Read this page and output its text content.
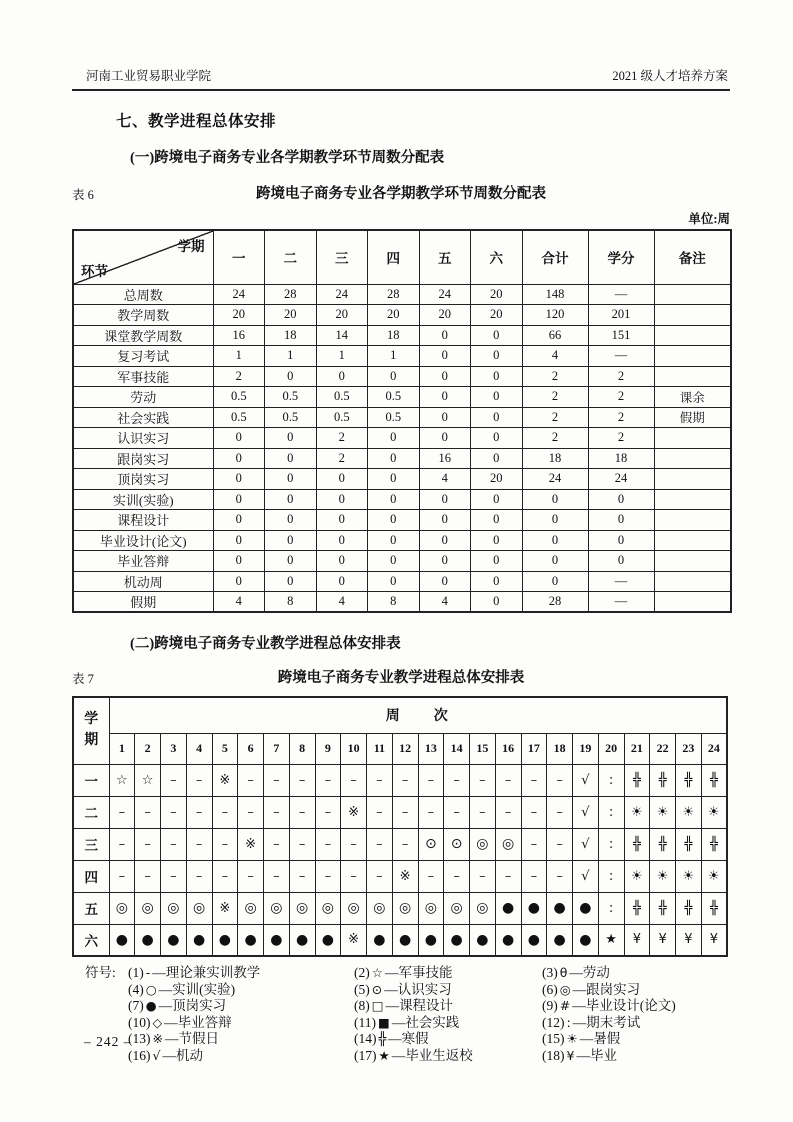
河南工业贸易职业学院	2021 级人才培养方案
七、教学进程总体安排
(一)跨境电子商务专业各学期教学环节周数分配表
表 6	跨境电子商务专业各学期教学环节周数分配表
单位:周
学期
环节	一	二	三	四	五	六	合计	学分	备注
总周数	24	28	24	28	24	20	148	—	
教学周数	20	20	20	20	20	20	120	201	
课堂教学周数	16	18	14	18	0	0	66	151	
复习考试	1	1	1	1	0	0	4	—	
军事技能	2	0	0	0	0	0	2	2	
劳动	0.5	0.5	0.5	0.5	0	0	2	2	课余
社会实践	0.5	0.5	0.5	0.5	0	0	2	2	假期
认识实习	0	0	2	0	0	0	2	2	
跟岗实习	0	0	2	0	16	0	18	18	
顶岗实习	0	0	0	0	4	20	24	24	
实训(实验)	0	0	0	0	0	0	0	0	
课程设计	0	0	0	0	0	0	0	0	
毕业设计(论文)	0	0	0	0	0	0	0	0	
毕业答辩	0	0	0	0	0	0	0	0	
机动周	0	0	0	0	0	0	0	—	
假期	4	8	4	8	4	0	28	—	
(二)跨境电子商务专业教学进程总体安排表
表 7	跨境电子商务专业教学进程总体安排表
学期	周　　次																							
	1	2	3	4	5	6	7	8	9	10	11	12	13	14	15	16	17	18	19	20	21	22	23	24
一	☆	☆	–	–	※	–	–	–	–	–	–	–	–	–	–	–	–	–	√	:	╬	╬	╬	╬
二	–	–	–	–	–	–	–	–	–	※	–	–	–	–	–	–	–	–	√	:	☀	☀	☀	☀
三	–	–	–	–	–	※	–	–	–	–	–	–	⊙	⊙	◎	◎	–	–	√	:	╬	╬	╬	╬
四	–	–	–	–	–	–	–	–	–	–	–	※	–	–	–	–	–	–	√	:	☀	☀	☀	☀
五	◎	◎	◎	◎	※	◎	◎	◎	◎	◎	◎	◎	◎	◎	◎	●	●	●	●	:	╬	╬	╬	╬
六	●	●	●	●	●	●	●	●	●	※	●	●	●	●	●	●	●	●	●	★	¥	¥	¥	¥
符号: (1) - —理论兼实训教学	(2) ☆ —军事技能	(3) θ —劳动
(4) ○ —实训(实验)	(5) ⊙ —认识实习	(6) ◎ —跟岗实习
(7) ● —顶岗实习	(8) □ —课程设计	(9) # —毕业设计(论文)
(10) ◇ —毕业答辩	(11) ■ —社会实践	(12) : —期末考试
(13) ※ —节假日	(14) ╬ —寒假	(15) ☀ —暑假
(16) √ —机动	(17) ★ —毕业生返校	(18) ¥ —毕业
– 242 –
